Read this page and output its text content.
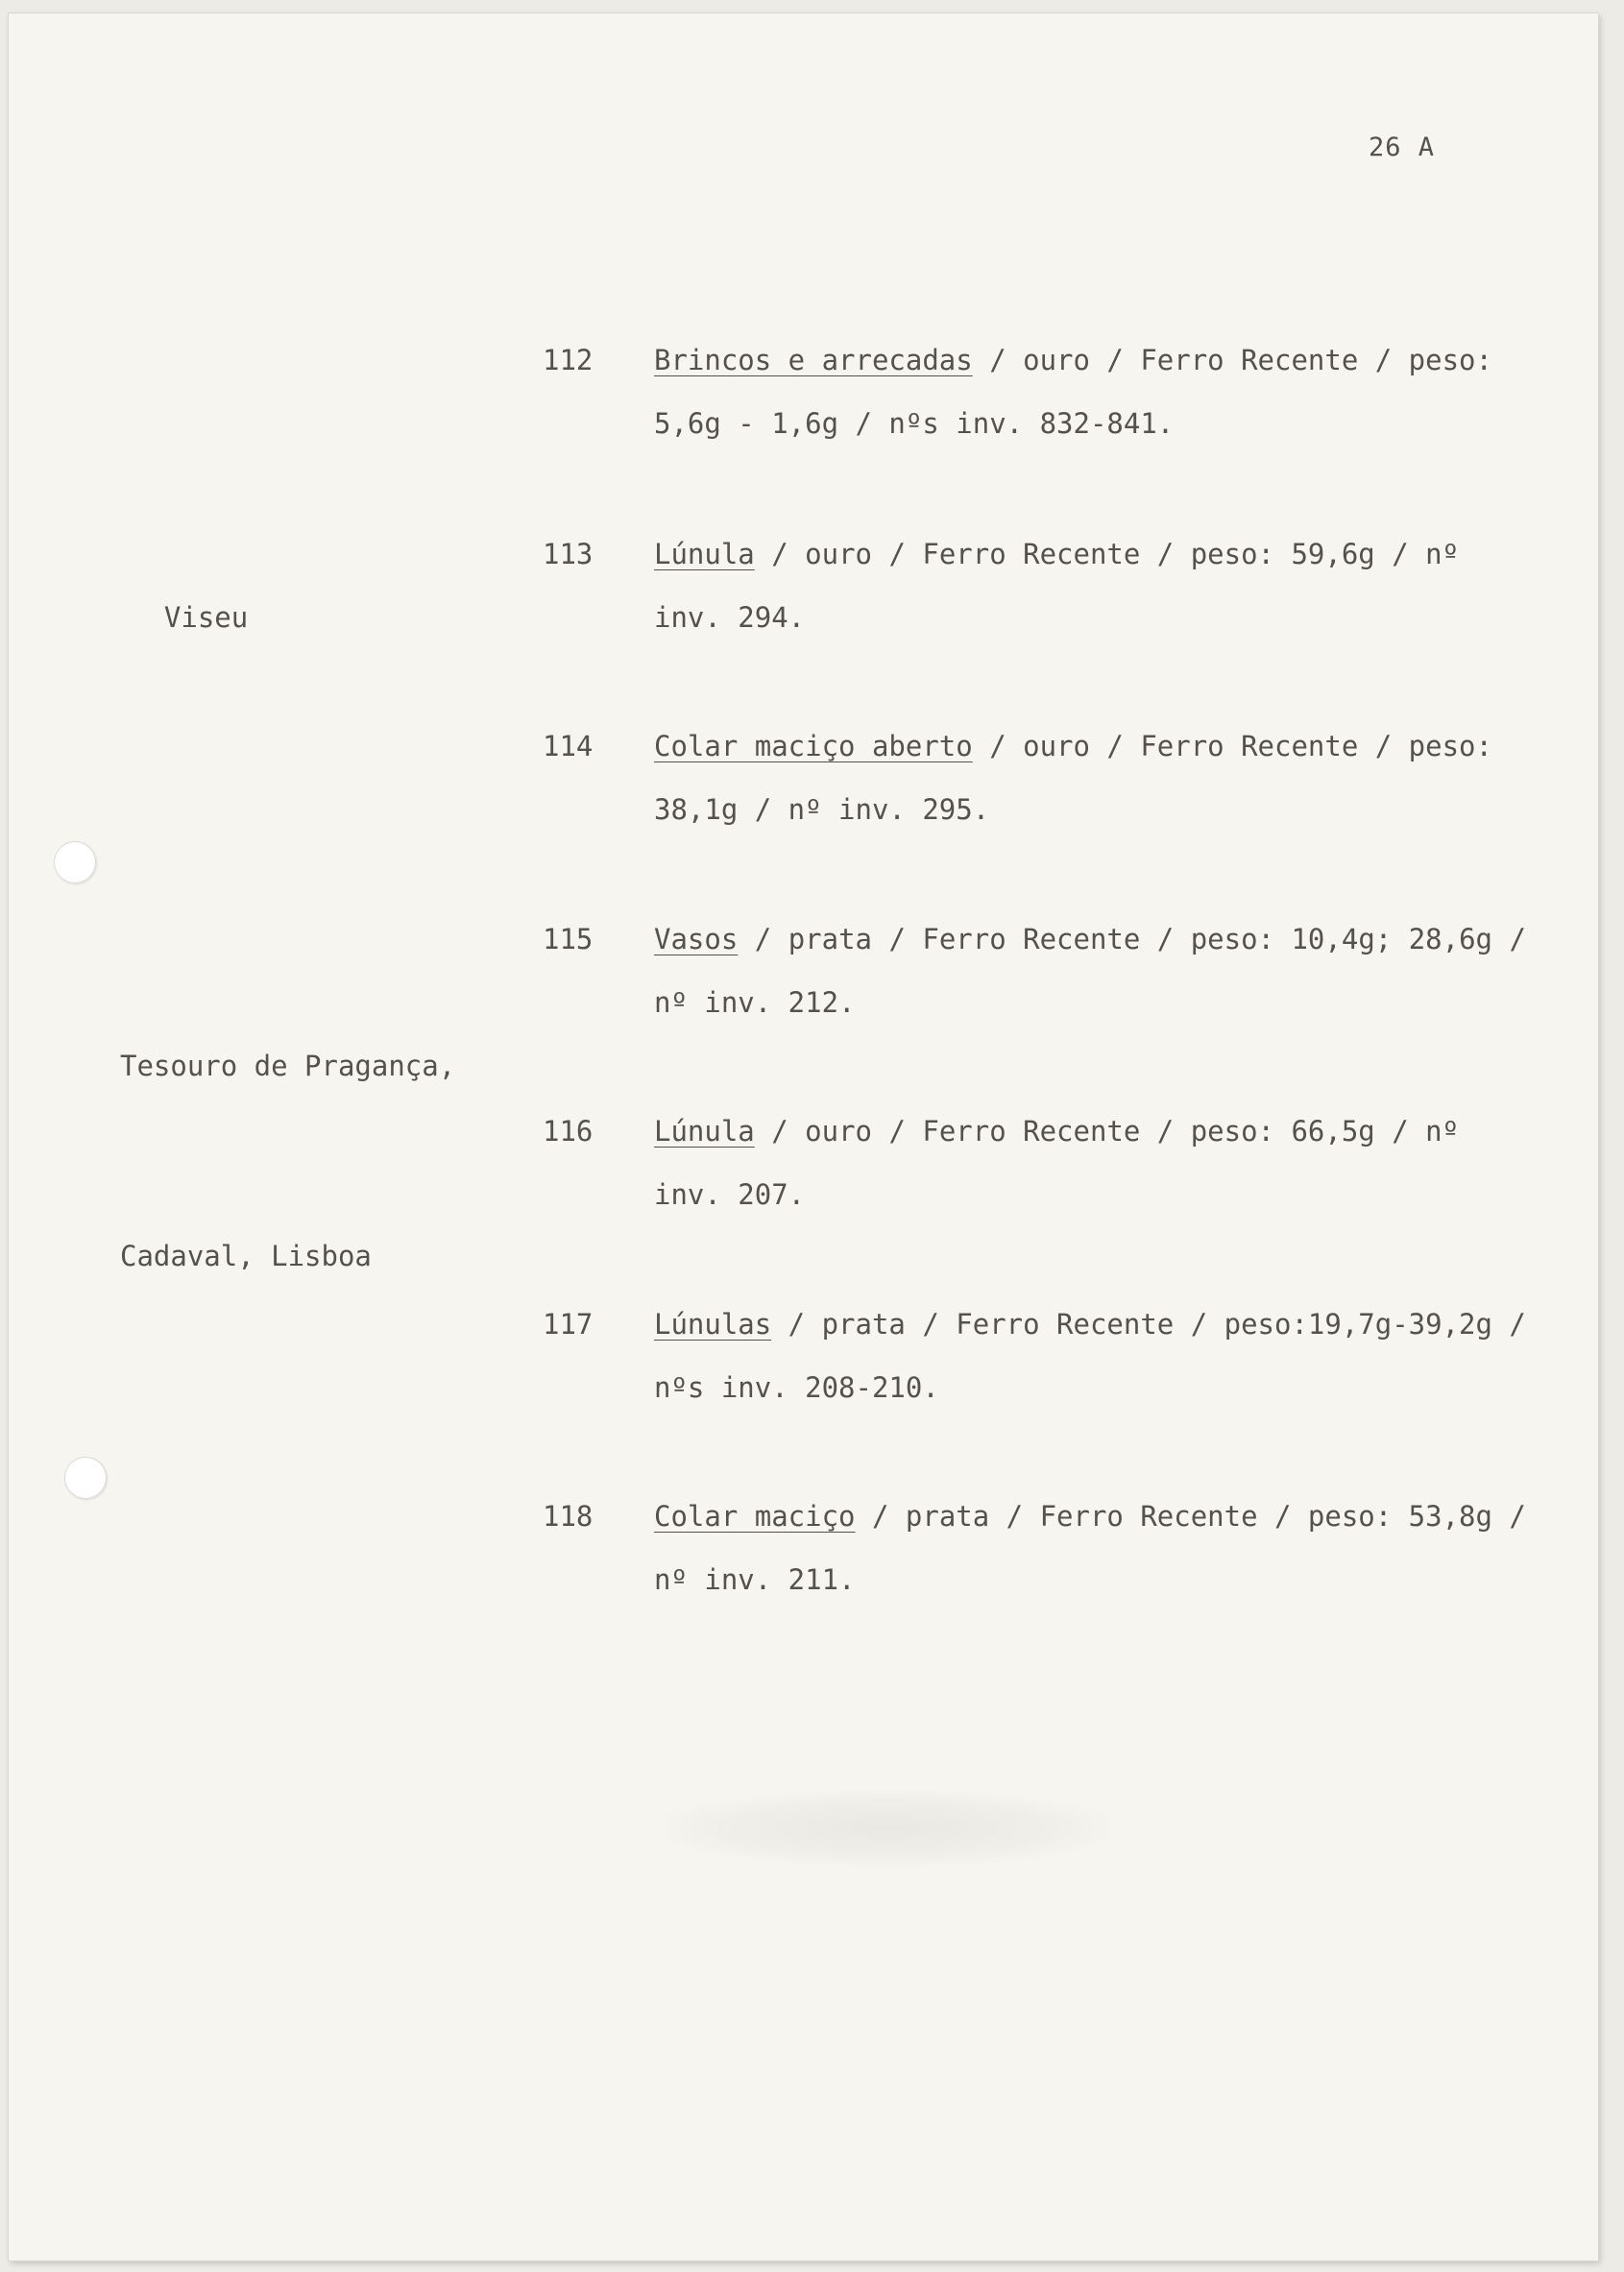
26 A

Viseu

Tesouro de Pragança,

Cadaval, Lisboa

112 Brincos e arrecadas / ouro / Ferro Recente / peso:
5,6g - 1,6g / nºs inv. 832-841.
113 Lúnula / ouro / Ferro Recente / peso: 59,6g / nº
inv. 294.
114 Colar maciço aberto / ouro / Ferro Recente / peso:
38,1g / nº inv. 295.
115 Vasos / prata / Ferro Recente / peso: 10,4g; 28,6g /
nº inv. 212.
116 Lúnula / ouro / Ferro Recente / peso: 66,5g / nº
inv. 207.
117 Lúnulas / prata / Ferro Recente / peso:19,7g-39,2g /
nºs inv. 208-210.
118 Colar maciço / prata / Ferro Recente / peso: 53,8g /
nº inv. 211.
